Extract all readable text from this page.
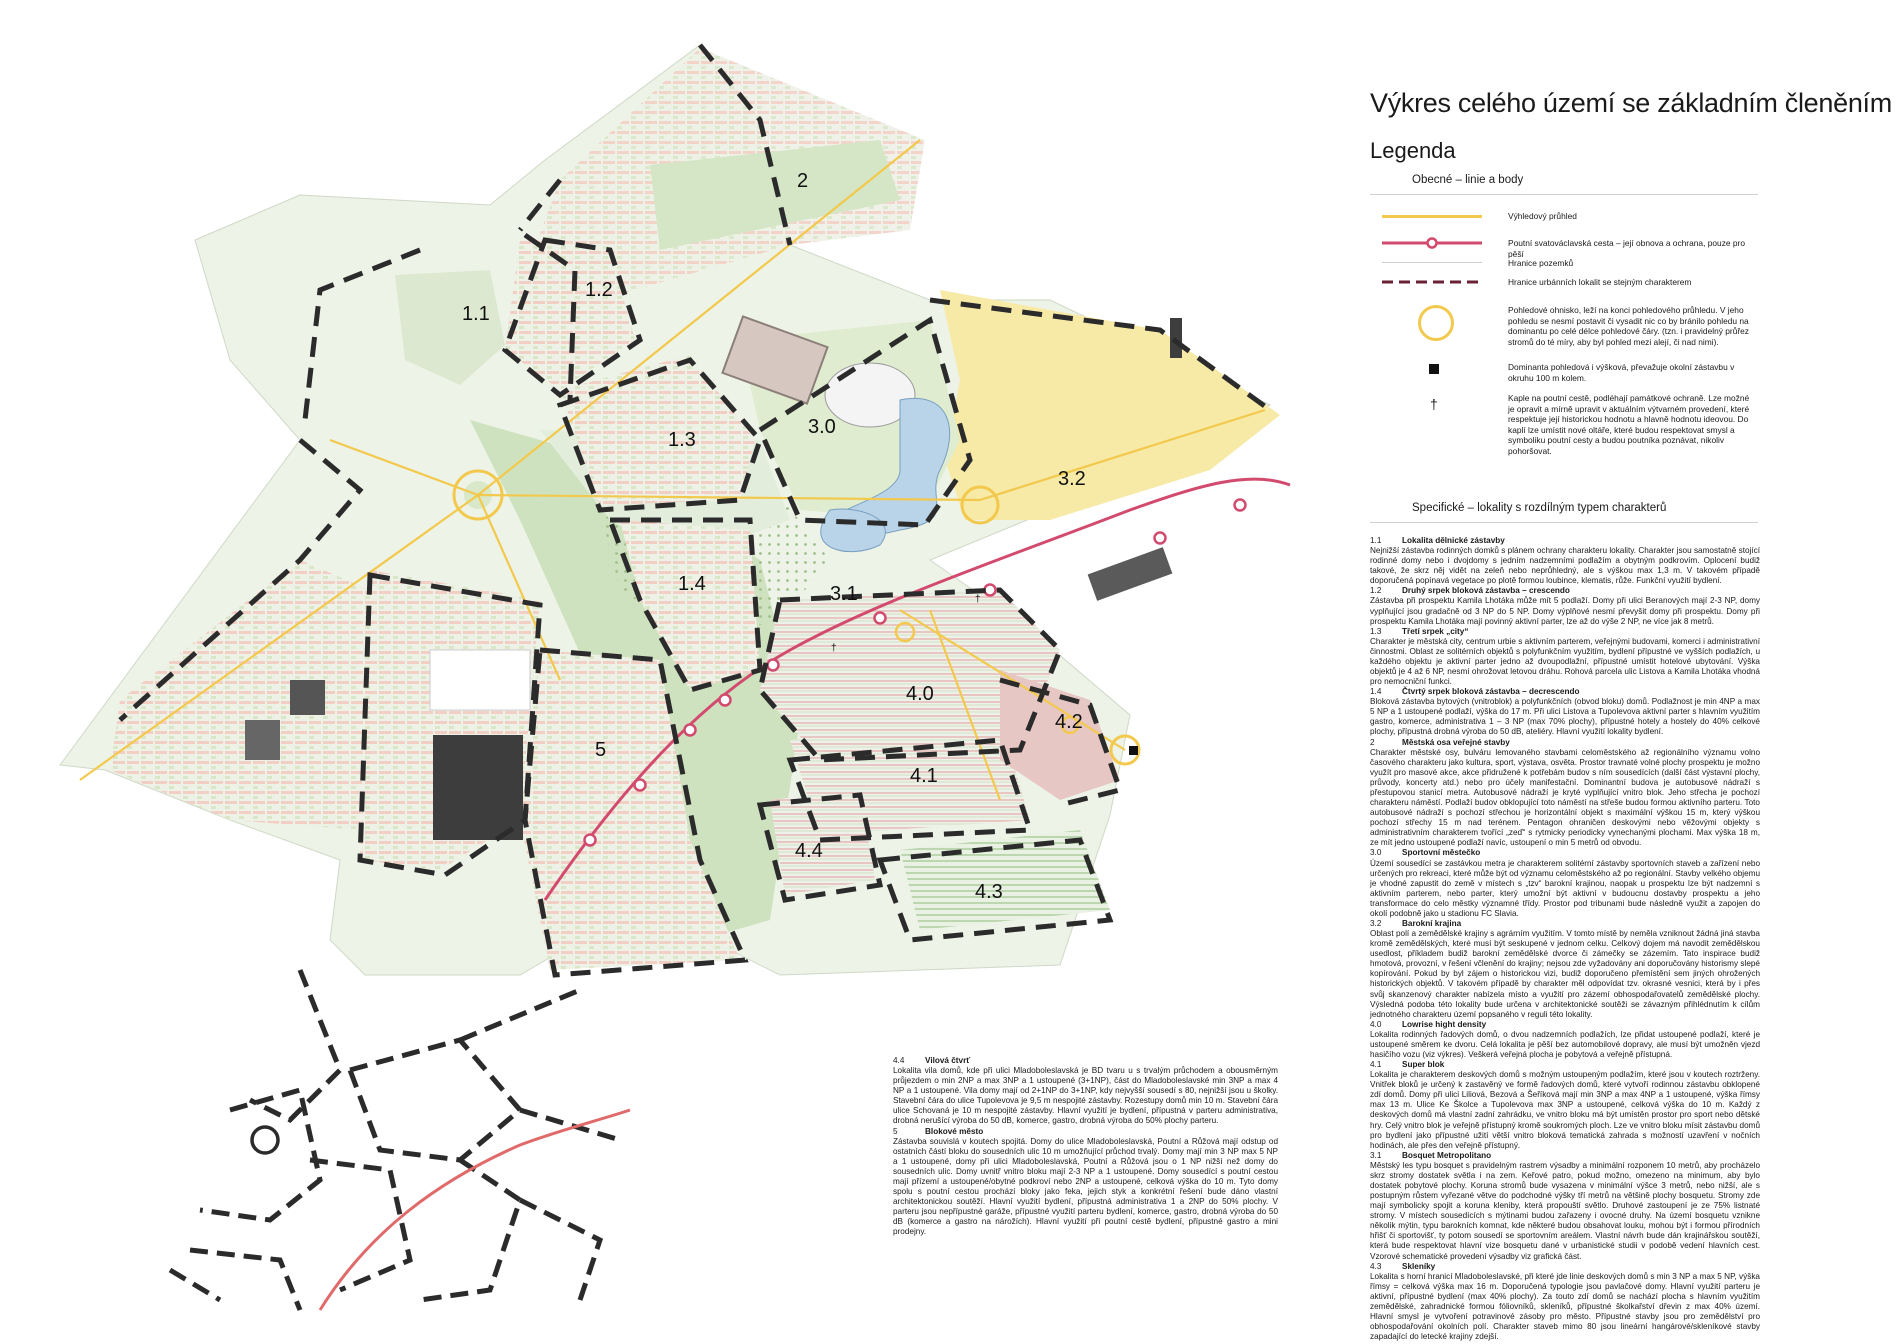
†
†
1.1
1.2
1.3
1.4
2
3.0
3.1
3.2
4.0
4.1
4.2
4.3
4.4
5
Výkres celého území se základním členěním
Legenda
Obecné – linie a body
Výhledový průhled
Poutní svatováclavská cesta – její obnova a ochrana, pouze pro pěší
Hranice pozemků
Hranice urbánních lokalit se stejným charakterem
Pohledové ohnisko, leží na konci pohledového průhledu. V jeho pohledu se nesmí postavit či vysadit nic co by bránilo pohledu na dominantu po celé délce pohledové čáry. (tzn. i pravidelný průřez stromů do té míry, aby byl pohled mezi alejí, či nad nimi).
Dominanta pohledová i výšková, převažuje okolní zástavbu v okruhu 100 m kolem.
†	Kaple na poutní cestě, podléhají památkové ochraně. Lze možné je opravit a mírně upravit v aktuálním výtvarném provedení, které respektuje její historickou hodnotu a hlavně hodnotu ideovou. Do kaplí lze umístit nové oltáře, které budou respektovat smysl a symboliku poutní cesty a budou poutníka poznávat, nikoliv pohoršovat.
Specifické – lokality s rozdílným typem charakterů
1.1	Lokalita dělnické zástavby
Nejnižší zástavba rodinných domků s plánem ochrany charakteru lokality. Charakter jsou samostatně stojící rodinné domy nebo i dvojdomy s jedním nadzemními podlažím a obytným podkrovím. Oplocení budiž takové, že skrz něj vidět na zeleň nebo neprůhledný, ale s výškou max 1,3 m. V takovém případě doporučená popínavá vegetace po plotě formou loubince, klematis, růže. Funkční využití bydlení.
1.2	Druhý srpek bloková zástavba – crescendo
Zástavba při prospektu Kamila Lhotáka může mít 5 podlaží. Domy při ulici Beranových mají 2-3 NP, domy vyplňující jsou gradačně od 3 NP do 5 NP. Domy výplňové nesmí převyšit domy při prospektu. Domy při prospektu Kamila Lhotáka mají povinný aktivní parter, lze až do výše 2 NP, ne více jak 8 metrů.
1.3	Třetí srpek „city“
Charakter je městská city, centrum urbie s aktivním parterem, veřejnými budovami, komerci i administrativní činnostmi. Oblast ze solitérních objektů s polyfunkčním využitím, bydlení přípustné ve vyšších podlažích, u každého objektu je aktivní parter jedno až dvoupodlažní, přípustné umístit hotelové ubytování. Výška objektů je 4 až 6 NP, nesmí ohrožovat letovou dráhu. Rohová parcela ulic Listova a Kamila Lhotáka vhodná pro nemocniční funkci.
1.4	Čtvrtý srpek bloková zástavba – decrescendo
Bloková zástavba bytových (vnitroblok) a polyfunkčních (obvod bloku) domů. Podlažnost je min 4NP a max 5 NP a 1 ustoupené podlaží, výška do 17 m. Při ulici Listova a Tupolevova aktivní parter s hlavním využitím gastro, komerce, administrativa 1 – 3 NP (max 70% plochy), přípustné hotely a hostely do 40% celkové plochy, přípustná drobná výroba do 50 dB, ateliéry. Hlavní využití lokality bydlení.
2	Městská osa veřejné stavby
Charakter městské osy, bulváru lemovaného stavbami celoměstského až regionálního významu volno časového charakteru jako kultura, sport, výstava, osvěta. Prostor travnaté volné plochy prospektu je možno využít pro masové akce, akce přidružené k potřebám budov s ním sousedících (další část výstavní plochy, průvody, koncerty atd.) nebo pro účely manifestační. Dominantní budova je autobusové nádraží s přestupovou stanicí metra. Autobusové nádraží je kryté vyplňující vnitro blok. Jeho střecha je pochozí charakteru náměstí. Podlaží budov obklopující toto náměstí na střeše budou formou aktivního parteru. Toto autobusové nádraží s pochozí střechou je horizontální objekt s maximální výškou 15 m, který výškou pochozí střechy 15 m nad terénem. Pentagon ohraničen deskovými nebo věžovými objekty s administrativním charakterem tvořící „zeď“ s rytmicky periodicky vynechanými plochami. Max výška 18 m, ze mít jedno ustoupené podlaží navíc, ustoupení o min 5 metrů od obvodu.
3.0	Sportovní městečko
Území sousedící se zastávkou metra je charakterem solitérní zástavby sportovních staveb a zařízení nebo určených pro rekreaci, které může být od významu celoměstského až po regionální. Stavby velkého objemu je vhodné zapustit do země v místech s „tzv“ barokní krajinou, naopak u prospektu lze být nadzemní s aktivním parterem, nebo parter, který umožní být aktivní v budoucnu dostavby prospektu a jeho transformace do celo městky významné třídy. Prostor pod tribunami bude následně využit a zapojen do okolí podobně jako u stadionu FC Slavia.
3.2	Barokní krajina
Oblast polí a zemědělské krajiny s agrárním využitím. V tomto místě by neměla vzniknout žádná jiná stavba kromě zemědělských, které musí být seskupené v jednom celku. Celkový dojem má navodit zemědělskou usedlost, příkladem budiž barokní zemědělské dvorce či zámečky se zázemím. Tato inspirace budiž hmotová, provozní, v řešení včlenění do krajiny; nejsou zde vyžadovány ani doporučovány historismy slepé kopírování. Pokud by byl zájem o historickou vizi, budiž doporučeno přemístění sem jiných ohrožených historických objektů. V takovém případě by charakter měl odpovídat tzv. okrasné vesnici, která by i přes svůj skanzenový charakter nabízela místo a využití pro zázemí obhospodařovatelů zemědělské plochy. Výsledná podoba této lokality bude určena v architektonické soutěži se závazným přihlédnutím k cílům jednotného charakteru území popsaného v reguli této lokality.
4.0	Lowrise hight density
Lokalita rodinných řadových domů, o dvou nadzemních podlažích, lze přidat ustoupené podlaží, které je ustoupené směrem ke dvoru. Celá lokalita je pěší bez automobilové dopravy, ale musí být umožněn vjezd hasičího vozu (viz výkres). Veškerá veřejná plocha je pobytová a veřejně přístupná.
4.1	Super blok
Lokalita je charakterem deskových domů s možným ustoupeným podlažím, které jsou v koutech roztrženy. Vnitřek bloků je určený k zastavěný ve formě řadových domů, které vytvoří rodinnou zástavbu obklopené zdí domů. Domy při ulici Liliová, Bezová a Šeříková mají min 3NP a max 4NP a 1 ustoupené, výška římsy max 13 m. Ulice Ke Školce a Tupolevova max 3NP a ustoupené, celková výška do 10 m. Každý z deskových domů má vlastní zadní zahrádku, ve vnitro bloku má být umístěn prostor pro sport nebo dětské hry. Celý vnitro blok je veřejně přístupný kromě soukromých ploch. Lze ve vnitro bloku mísit zástavbu domů pro bydlení jako přípustné užití větší vnitro bloková tematická zahrada s možností uzavření v nočních hodinách, ale přes den veřejně přístupný.
3.1	Bosquet Metropolitano
Městský les typu bosquet s pravidelným rastrem výsadby a minimální rozponem 10 metrů, aby procházelo skrz stromy dostatek světla i na zem. Keřové patro, pokud možno, omezeno na minimum, aby bylo dostatek pobytové plochy. Koruna stromů bude vysazena v minimální výšce 3 metrů, nebo nižší, ale s postupným růstem vyřezané větve do podchodné výšky tří metrů na většině plochy bosquetu. Stromy zde mají symbolicky spojit a koruna kleniby, která propouští světlo. Druhové zastoupení je ze 75% listnaté stromy. V místech sousedících s mýtinami budou zařazeny i ovocné druhy. Na území bosquetu vznikne několik mýtin, typu barokních komnat, kde některé budou obsahovat louku, mohou být i formou přírodních hřišť či sportovišť, ty potom sousedí se sportovním areálem. Vlastní návrh bude dán krajinářskou soutěží, která bude respektovat hlavní vize bosquetu dané v urbanistické studii v podobě vedení hlavních cest. Vzorové schematické provedení výsadby viz grafická část.
4.3	Skleníky
Lokalita s horní hranicí Mladoboleslavské, při které jde linie deskových domů s min 3 NP a max 5 NP, výška římsy = celková výška max 16 m. Doporučená typologie jsou pavlačové domy. Hlavní využití parteru je aktivní, přípustné bydlení (max 40% plochy). Za touto zdí domů se nachází plocha s hlavním využitím zemědělské, zahradnické formou fóliovníků, skleníků, přípustné školkařství dřevin z max 40% území. Hlavní smysl je vytvoření potravinové zásoby pro město. Přípustné stavby jsou pro zemědělství pro obhospodařování okolních polí. Charakter staveb mimo 80 jsou lineární hangárové/skleníkové stavby zapadající do letecké krajiny zdejší.
4.4	Vilová čtvrť
Lokalita vila domů, kde při ulici Mladoboleslavská je BD tvaru u s trvalým průchodem a obousměrným průjezdem o min 2NP a max 3NP a 1 ustoupené (3+1NP), část do Mladoboleslavské min 3NP a max 4 NP a 1 ustoupené. Vila domy mají od 2+1NP do 3+1NP, kdy nejvyšší sousedí s 80, nejnižší jsou u školky. Stavební čára do ulice Tupolevova je 9,5 m nespojité zástavby. Rozestupy domů min 10 m. Stavební čára ulice Schovaná je 10 m nespojité zástavby. Hlavní využití je bydlení, přípustná v parteru administrativa, drobná nerušící výroba do 50 dB, komerce, gastro, drobná výroba do 50% plochy parteru.
5	Blokové město
Zástavba souvislá v koutech spojitá. Domy do ulice Mladoboleslavská, Poutní a Růžová mají odstup od ostatních částí bloku do sousedních ulic 10 m umožňující průchod trvalý. Domy mají min 3 NP max 5 NP a 1 ustoupené, domy při ulici Mladoboleslavská, Poutní a Růžová jsou o 1 NP nižší než domy do sousedních ulic. Domy uvnitř vnitro bloku mají 2-3 NP a 1 ustoupené. Domy sousedící s poutní cestou mají přízemí a ustoupené/obytné podkroví nebo 2NP a ustoupené, celková výška do 10 m. Tyto domy spolu s poutní cestou prochází bloky jako feka, jejich styk a konkrétní řešení bude dáno vlastní architektonickou soutěží. Hlavní využití bydlení, přípustná administrativa 1 a 2NP do 50% plochy. V parteru jsou nepřípustné garáže, přípustné využití parteru bydlení, komerce, gastro, drobná výroba do 50 dB (komerce a gastro na nárožích). Hlavní využití při poutní cestě bydlení, přípustné gastro a mini prodejny.
